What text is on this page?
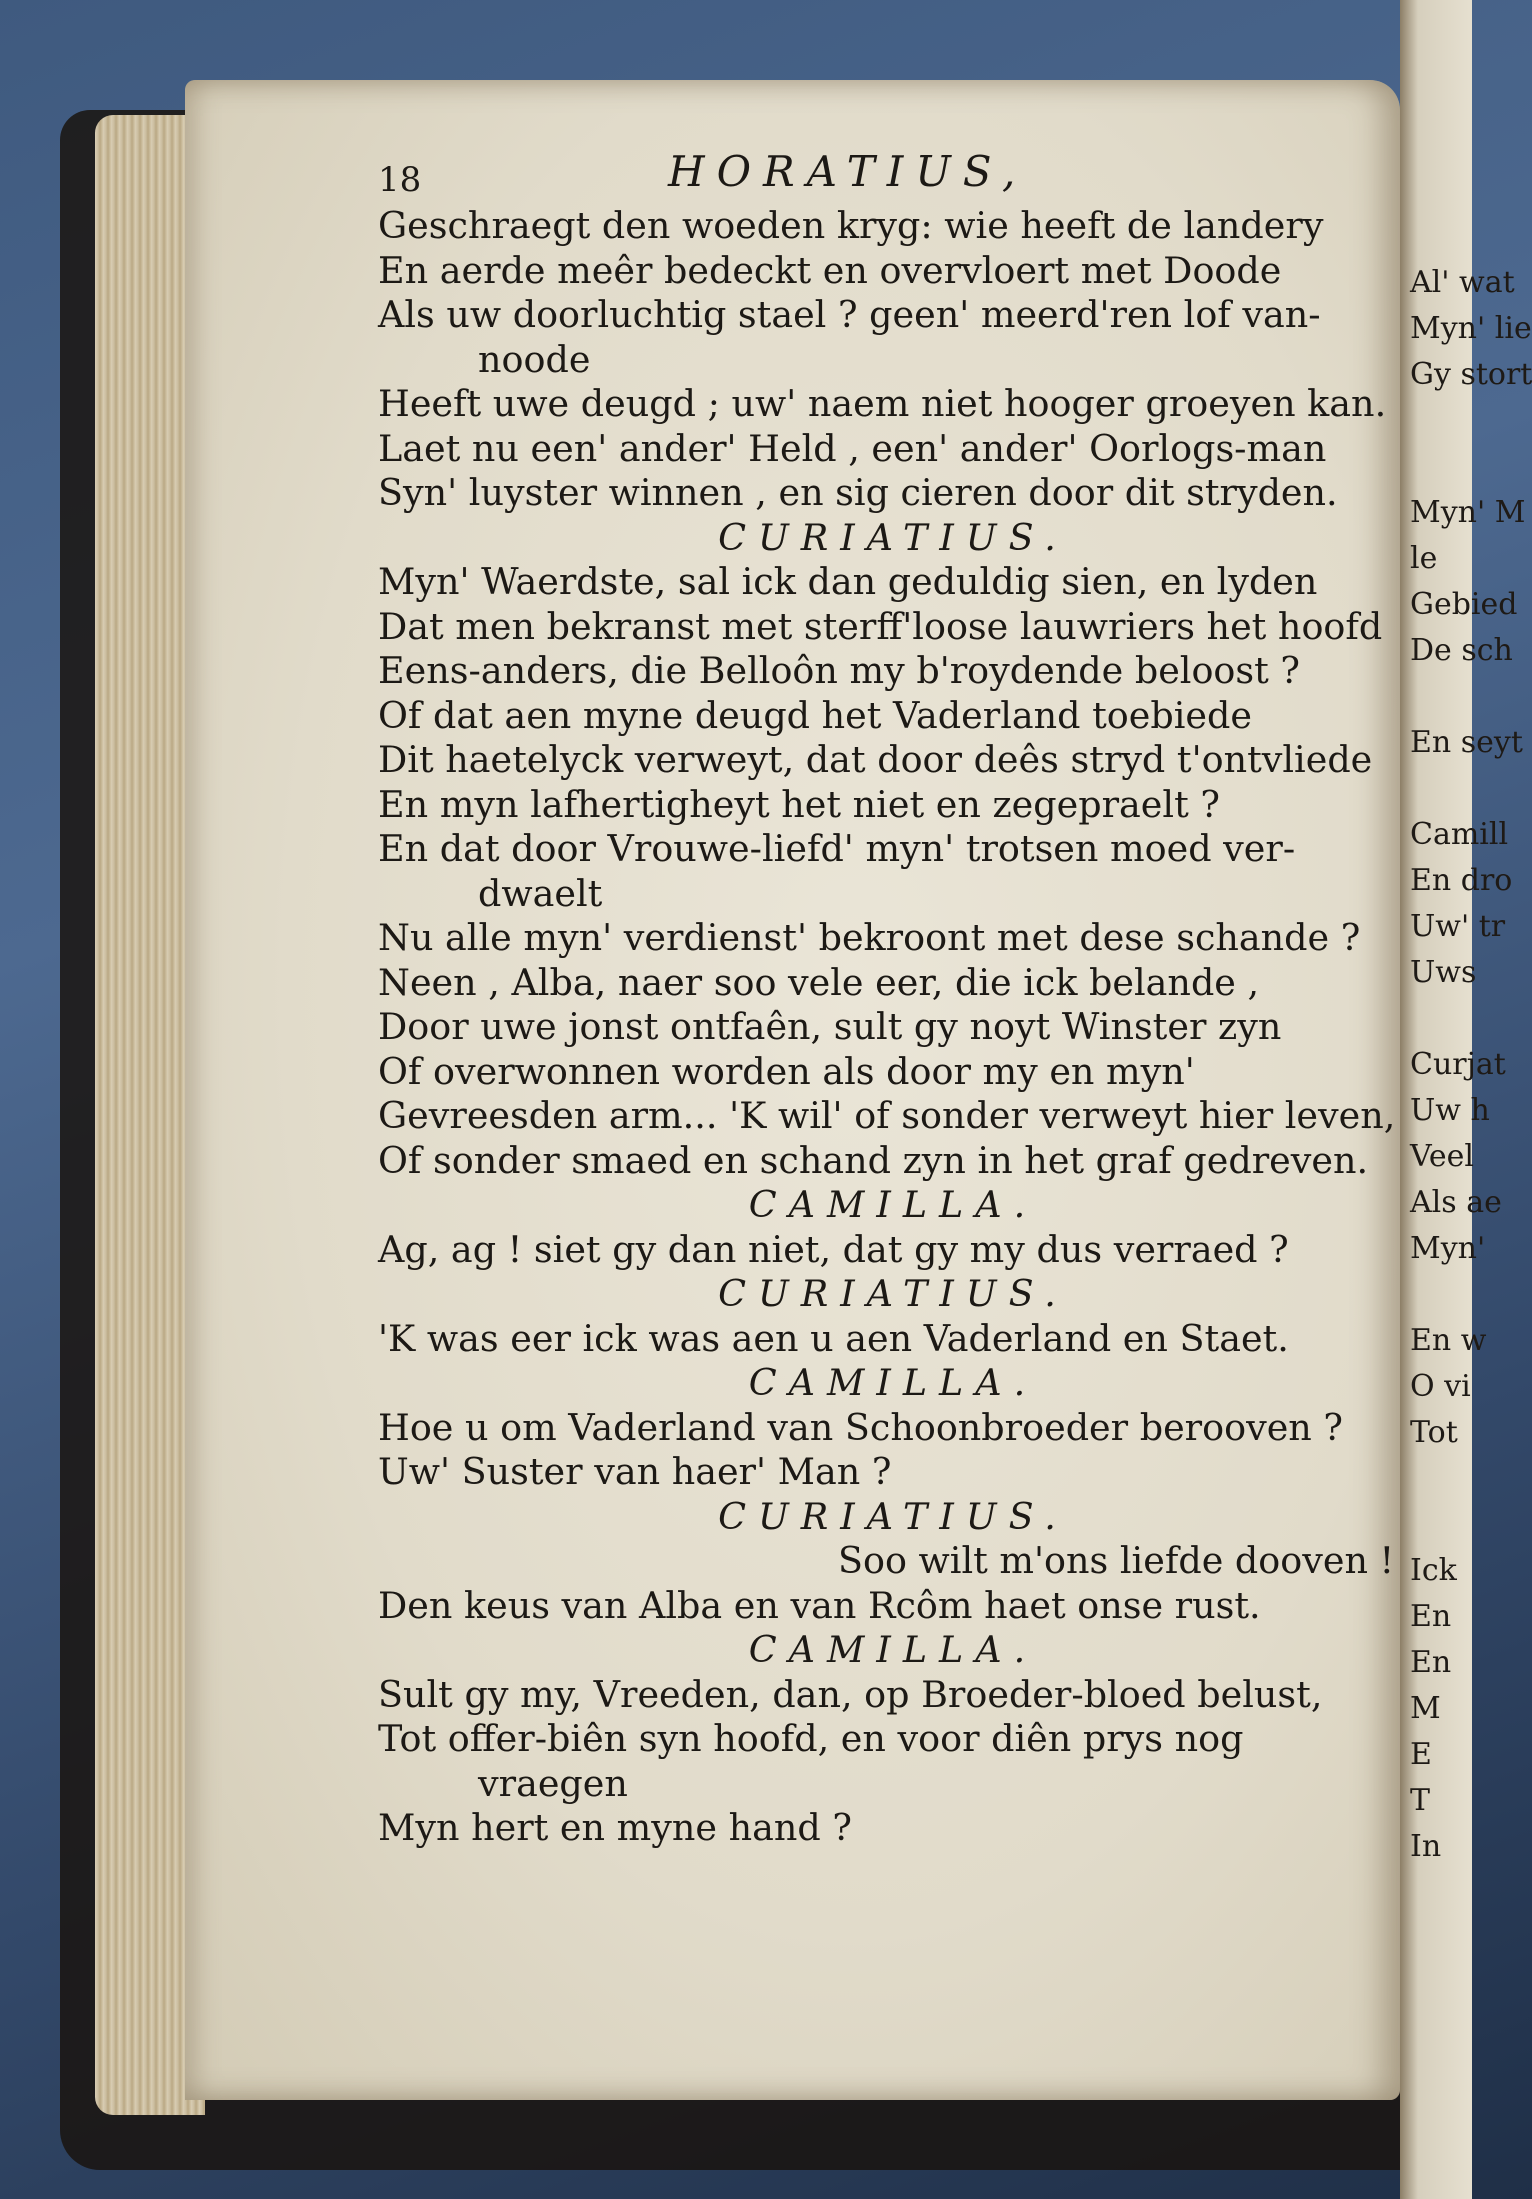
Al' wat
Myn' lie
Gy stort
Myn' M
le
Gebied
De sch
En seyt
Camill
En dro
Uw' tr
Uws
Curjat
Uw h
Veel
Als ae
Myn'
En w
O vi
Tot
Ick
En
En
M
E
T
In
18	HORATIUS,
Geschraegt den woeden kryg: wie heeft de landery
En aerde meêr bedeckt en overvloert met Doode
Als uw doorluchtig stael ? geen' meerd'ren lof van-
noode
Heeft uwe deugd ; uw' naem niet hooger groeyen kan.
Laet nu een' ander' Held , een' ander' Oorlogs-man
Syn' luyster winnen , en sig cieren door dit stryden.
CURIATIUS.
Myn' Waerdste, sal ick dan geduldig sien, en lyden
Dat men bekranst met sterff'loose lauwriers het hoofd
Eens-anders, die Belloôn my b'roydende beloost ?
Of dat aen myne deugd het Vaderland toebiede
Dit haetelyck verweyt, dat door deês stryd t'ontvliede
En myn lafhertigheyt het niet en zegepraelt ?
En dat door Vrouwe-liefd' myn' trotsen moed ver-
dwaelt
Nu alle myn' verdienst' bekroont met dese schande ?
Neen , Alba, naer soo vele eer, die ick belande ,
Door uwe jonst ontfaên, sult gy noyt Winster zyn
Of overwonnen worden als door my en myn'
Gevreesden arm... 'K wil' of sonder verweyt hier leven,
Of sonder smaed en schand zyn in het graf gedreven.
CAMILLA.
Ag, ag ! siet gy dan niet, dat gy my dus verraed ?
CURIATIUS.
'K was eer ick was aen u aen Vaderland en Staet.
CAMILLA.
Hoe u om Vaderland van Schoonbroeder berooven ?
Uw' Suster van haer' Man ?
CURIATIUS.
Soo wilt m'ons liefde dooven !
Den keus van Alba en van Rcôm haet onse rust.
CAMILLA.
Sult gy my, Vreeden, dan, op Broeder-bloed belust,
Tot offer-biên syn hoofd, en voor diên prys nog
vraegen
Myn hert en myne hand ?
